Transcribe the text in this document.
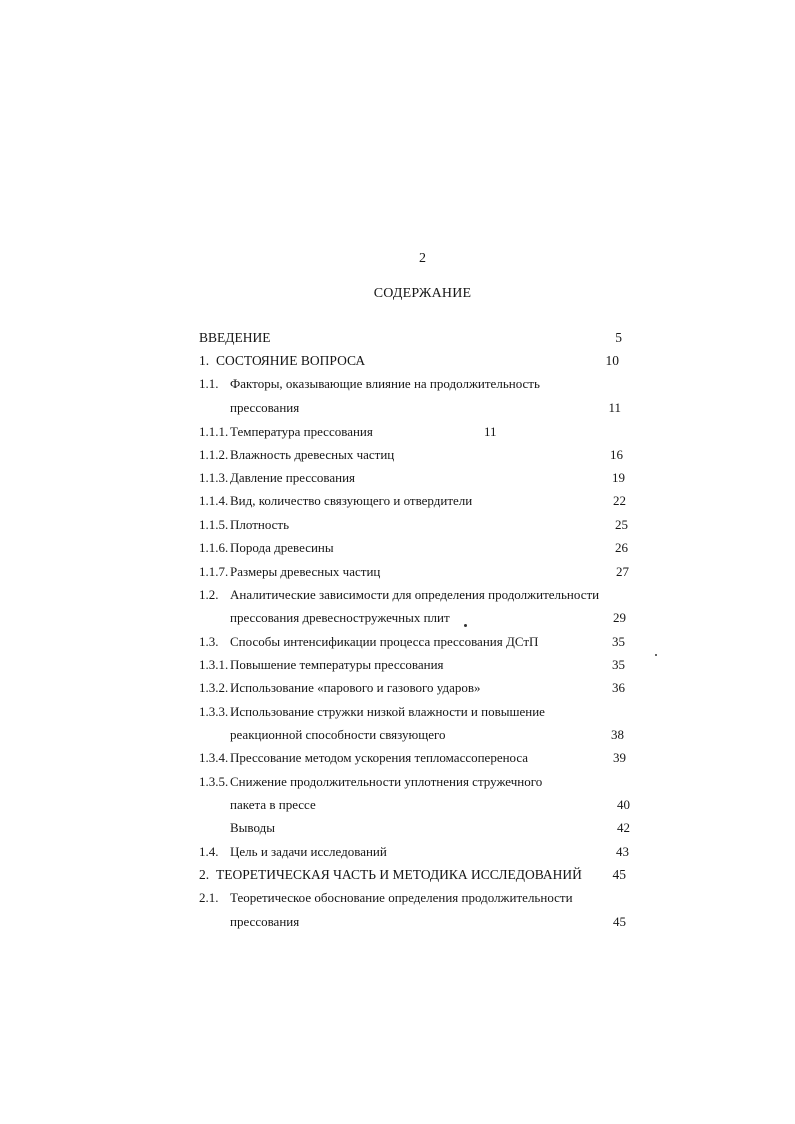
2
СОДЕРЖАНИЕ
ВВЕДЕНИЕ	5
1. СОСТОЯНИЕ ВОПРОСА	10
1.1. Факторы, оказывающие влияние на продолжительность
прессования	11
1.1.1. Температура прессования	11
1.1.2. Влажность древесных частиц	16
1.1.3. Давление прессования	19
1.1.4. Вид, количество связующего и отвердители	22
1.1.5. Плотность	25
1.1.6. Порода древесины	26
1.1.7. Размеры древесных частиц	27
1.2. Аналитические зависимости для определения продолжительности
прессования древесностружечных плит	29
1.3. Способы интенсификации процесса прессования ДСтП	35
1.3.1. Повышение температуры прессования	35
1.3.2. Использование «парового и газового ударов»	36
1.3.3. Использование стружки низкой влажности и повышение
реакционной способности связующего	38
1.3.4. Прессование методом ускорения тепломассопереноса	39
1.3.5. Снижение продолжительности уплотнения стружечного
пакета в прессе	40
Выводы	42
1.4. Цель и задачи исследований	43
2. ТЕОРЕТИЧЕСКАЯ ЧАСТЬ И МЕТОДИКА ИССЛЕДОВАНИЙ	45
2.1. Теоретическое обоснование определения продолжительности
прессования	45
